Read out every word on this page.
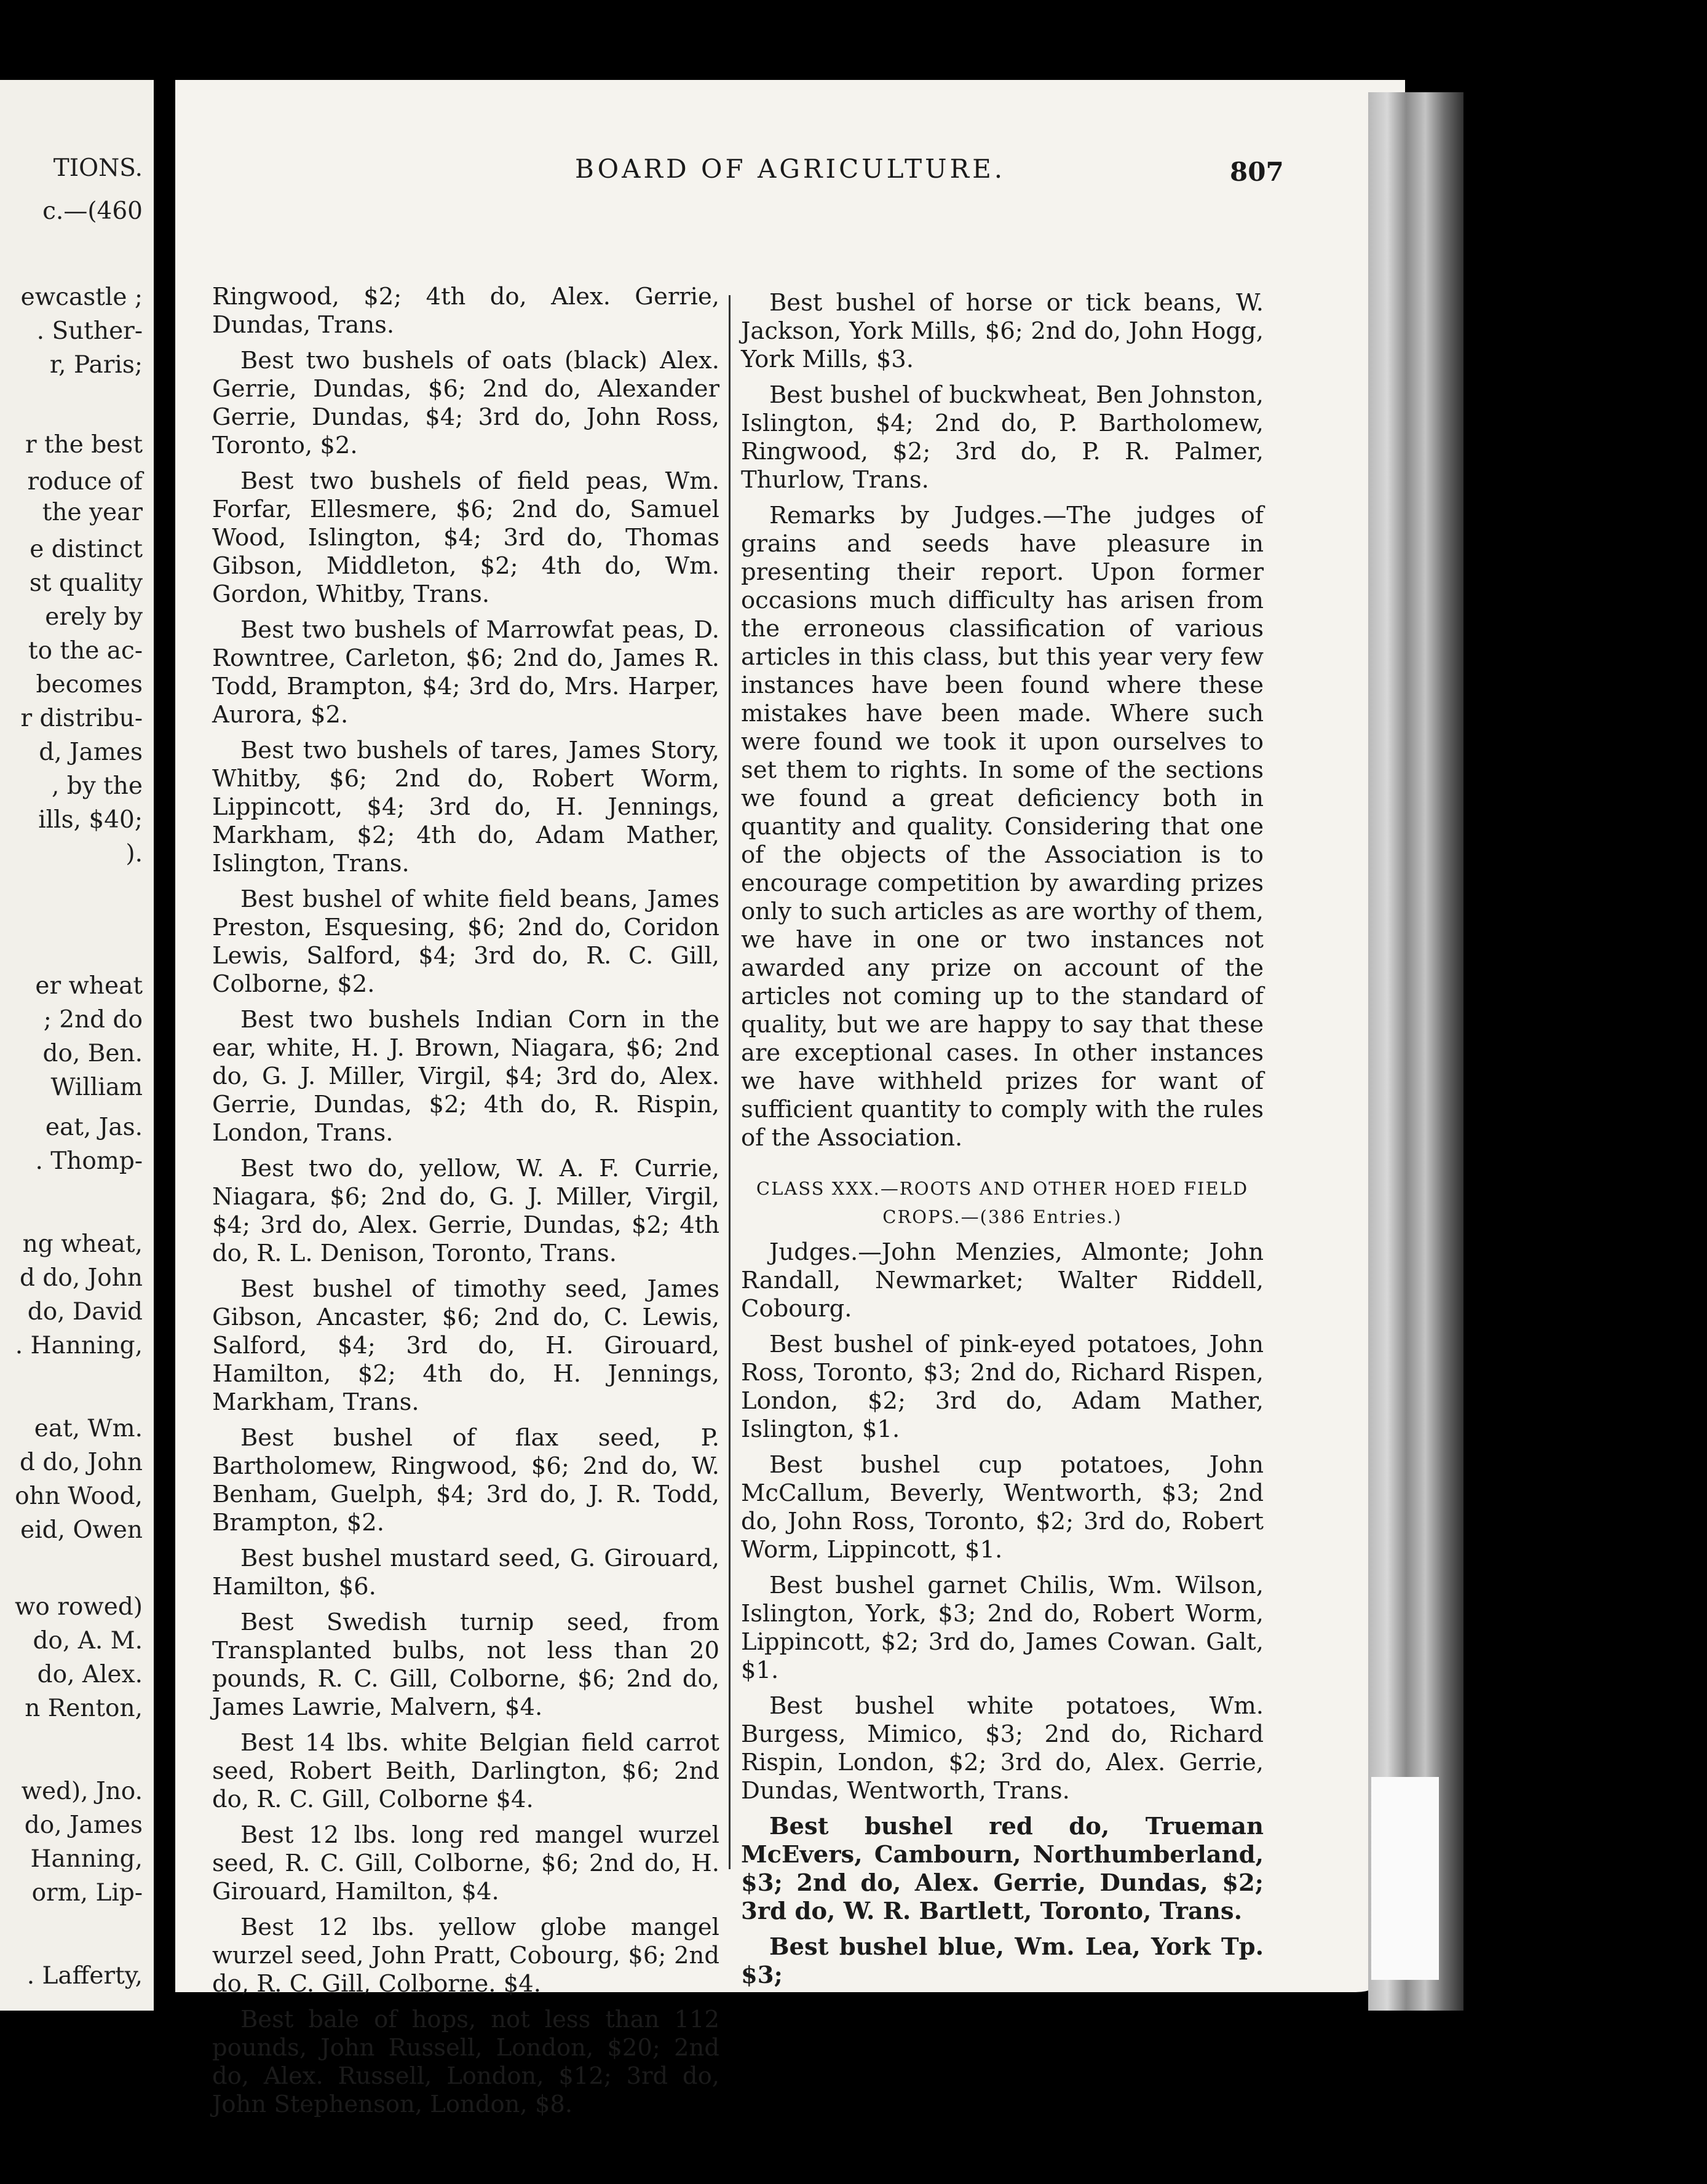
TIONS.
c.—(460
ewcastle ;
. Suther-
r, Paris;
r the best
roduce of
the year
e distinct
st quality
erely by
to the ac-
becomes
r distribu-
d, James
, by the
ills, $40;
).
er wheat
; 2nd do
do, Ben.
William
eat, Jas.
. Thomp-
ng wheat,
d do, John
do, David
. Hanning,
eat, Wm.
d do, John
ohn Wood,
eid, Owen
wo rowed)
do, A. M.
do, Alex.
n Renton,
wed), Jno.
do, James
Hanning,
orm, Lip-
. Lafferty,
BOARD OF AGRICULTURE.	807

Ringwood, $2; 4th do, Alex. Gerrie, Dundas, Trans.

Best two bushels of oats (black) Alex. Gerrie, Dundas, $6; 2nd do, Alexander Gerrie, Dundas, $4; 3rd do, John Ross, Toronto, $2.

Best two bushels of field peas, Wm. Forfar, Ellesmere, $6; 2nd do, Samuel Wood, Islington, $4; 3rd do, Thomas Gibson, Middleton, $2; 4th do, Wm. Gordon, Whitby, Trans.

Best two bushels of Marrowfat peas, D. Rowntree, Carleton, $6; 2nd do, James R. Todd, Brampton, $4; 3rd do, Mrs. Harper, Aurora, $2.

Best two bushels of tares, James Story, Whitby, $6; 2nd do, Robert Worm, Lippincott, $4; 3rd do, H. Jennings, Markham, $2; 4th do, Adam Mather, Islington, Trans.

Best bushel of white field beans, James Preston, Esquesing, $6; 2nd do, Coridon Lewis, Salford, $4; 3rd do, R. C. Gill, Colborne, $2.

Best two bushels Indian Corn in the ear, white, H. J. Brown, Niagara, $6; 2nd do, G. J. Miller, Virgil, $4; 3rd do, Alex. Gerrie, Dundas, $2; 4th do, R. Rispin, London, Trans.

Best two do, yellow, W. A. F. Currie, Niagara, $6; 2nd do, G. J. Miller, Virgil, $4; 3rd do, Alex. Gerrie, Dundas, $2; 4th do, R. L. Denison, Toronto, Trans.

Best bushel of timothy seed, James Gibson, Ancaster, $6; 2nd do, C. Lewis, Salford, $4; 3rd do, H. Girouard, Hamilton, $2; 4th do, H. Jennings, Markham, Trans.

Best bushel of flax seed, P. Bartholomew, Ringwood, $6; 2nd do, W. Benham, Guelph, $4; 3rd do, J. R. Todd, Brampton, $2.

Best bushel mustard seed, G. Girouard, Hamilton, $6.

Best Swedish turnip seed, from Transplanted bulbs, not less than 20 pounds, R. C. Gill, Colborne, $6; 2nd do, James Lawrie, Malvern, $4.

Best 14 lbs. white Belgian field carrot seed, Robert Beith, Darlington, $6; 2nd do, R. C. Gill, Colborne $4.

Best 12 lbs. long red mangel wurzel seed, R. C. Gill, Colborne, $6; 2nd do, H. Girouard, Hamilton, $4.

Best 12 lbs. yellow globe mangel wurzel seed, John Pratt, Cobourg, $6; 2nd do, R. C. Gill, Colborne. $4.

Best bale of hops, not less than 112 pounds, John Russell, London, $20; 2nd do, Alex. Russell, London, $12; 3rd do, John Stephenson, London, $8.

Best bushel of horse or tick beans, W. Jackson, York Mills, $6; 2nd do, John Hogg, York Mills, $3.

Best bushel of buckwheat, Ben Johnston, Islington, $4; 2nd do, P. Bartholomew, Ringwood, $2; 3rd do, P. R. Palmer, Thurlow, Trans.

Remarks by Judges.—The judges of grains and seeds have pleasure in presenting their report. Upon former occasions much difficulty has arisen from the erroneous classification of various articles in this class, but this year very few instances have been found where these mistakes have been made. Where such were found we took it upon ourselves to set them to rights. In some of the sections we found a great deficiency both in quantity and quality. Considering that one of the objects of the Association is to encourage competition by awarding prizes only to such articles as are worthy of them, we have in one or two instances not awarded any prize on account of the articles not coming up to the standard of quality, but we are happy to say that these are exceptional cases. In other instances we have withheld prizes for want of sufficient quantity to comply with the rules of the Association.

CLASS XXX.—ROOTS AND OTHER HOED FIELD CROPS.—(386 Entries.)

Judges.—John Menzies, Almonte; John Randall, Newmarket; Walter Riddell, Cobourg.

Best bushel of pink-eyed potatoes, John Ross, Toronto, $3; 2nd do, Richard Rispen, London, $2; 3rd do, Adam Mather, Islington, $1.

Best bushel cup potatoes, John McCallum, Beverly, Wentworth, $3; 2nd do, John Ross, Toronto, $2; 3rd do, Robert Worm, Lippincott, $1.

Best bushel garnet Chilis, Wm. Wilson, Islington, York, $3; 2nd do, Robert Worm, Lippincott, $2; 3rd do, James Cowan. Galt, $1.

Best bushel white potatoes, Wm. Burgess, Mimico, $3; 2nd do, Richard Rispin, London, $2; 3rd do, Alex. Gerrie, Dundas, Wentworth, Trans.

Best bushel red do, Trueman McEvers, Cambourn, Northumberland, $3; 2nd do, Alex. Gerrie, Dundas, $2; 3rd do, W. R. Bartlett, Toronto, Trans.

Best bushel blue, Wm. Lea, York Tp. $3;
